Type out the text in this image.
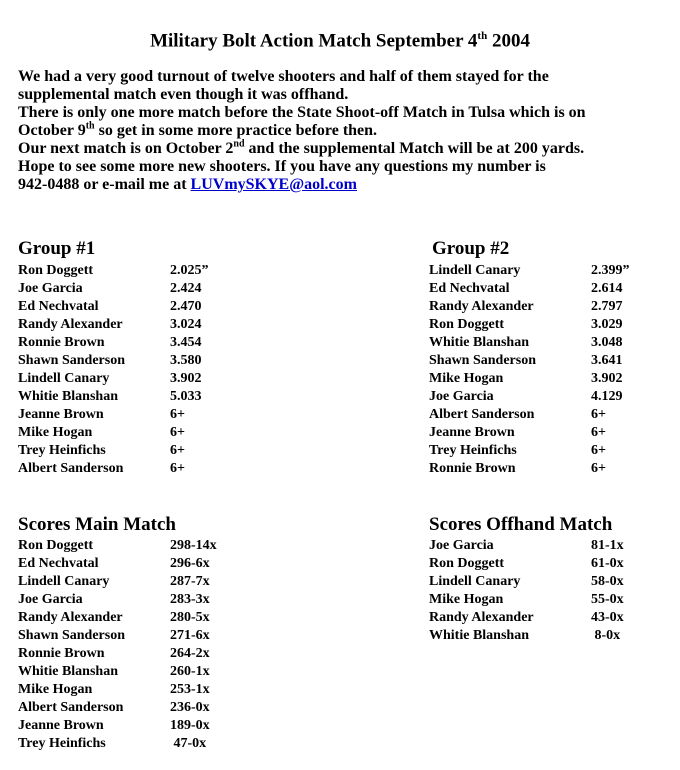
Military Bolt Action Match September 4th 2004
We had a very good turnout of twelve shooters and half of them stayed for the
supplemental match even though it was offhand.
There is only one more match before the State Shoot-off Match in Tulsa which is on
October 9th so get in some more practice before then.
Our next match is on October 2nd and the supplemental Match will be at 200 yards.
Hope to see some more new shooters. If you have any questions my number is
942-0488 or e-mail me at LUVmySKYE@aol.com
Group #1
Ron Doggett	2.025”
Joe Garcia	2.424
Ed Nechvatal	2.470
Randy Alexander	3.024
Ronnie Brown	3.454
Shawn Sanderson	3.580
Lindell Canary	3.902
Whitie Blanshan	5.033
Jeanne Brown	6+
Mike Hogan	6+
Trey Heinfichs	6+
Albert Sanderson	6+
Group #2
Lindell Canary	2.399”
Ed Nechvatal	2.614
Randy Alexander	2.797
Ron Doggett	3.029
Whitie Blanshan	3.048
Shawn Sanderson	3.641
Mike Hogan	3.902
Joe Garcia	4.129
Albert Sanderson	6+
Jeanne Brown	6+
Trey Heinfichs	6+
Ronnie Brown	6+
Scores Main Match
Ron Doggett	298-14x
Ed Nechvatal	296-6x
Lindell Canary	287-7x
Joe Garcia	283-3x
Randy Alexander	280-5x
Shawn Sanderson	271-6x
Ronnie Brown	264-2x
Whitie Blanshan	260-1x
Mike Hogan	253-1x
Albert Sanderson	236-0x
Jeanne Brown	189-0x
Trey Heinfichs	47-0x
Scores Offhand Match
Joe Garcia	81-1x
Ron Doggett	61-0x
Lindell Canary	58-0x
Mike Hogan	55-0x
Randy Alexander	43-0x
Whitie Blanshan	8-0x
